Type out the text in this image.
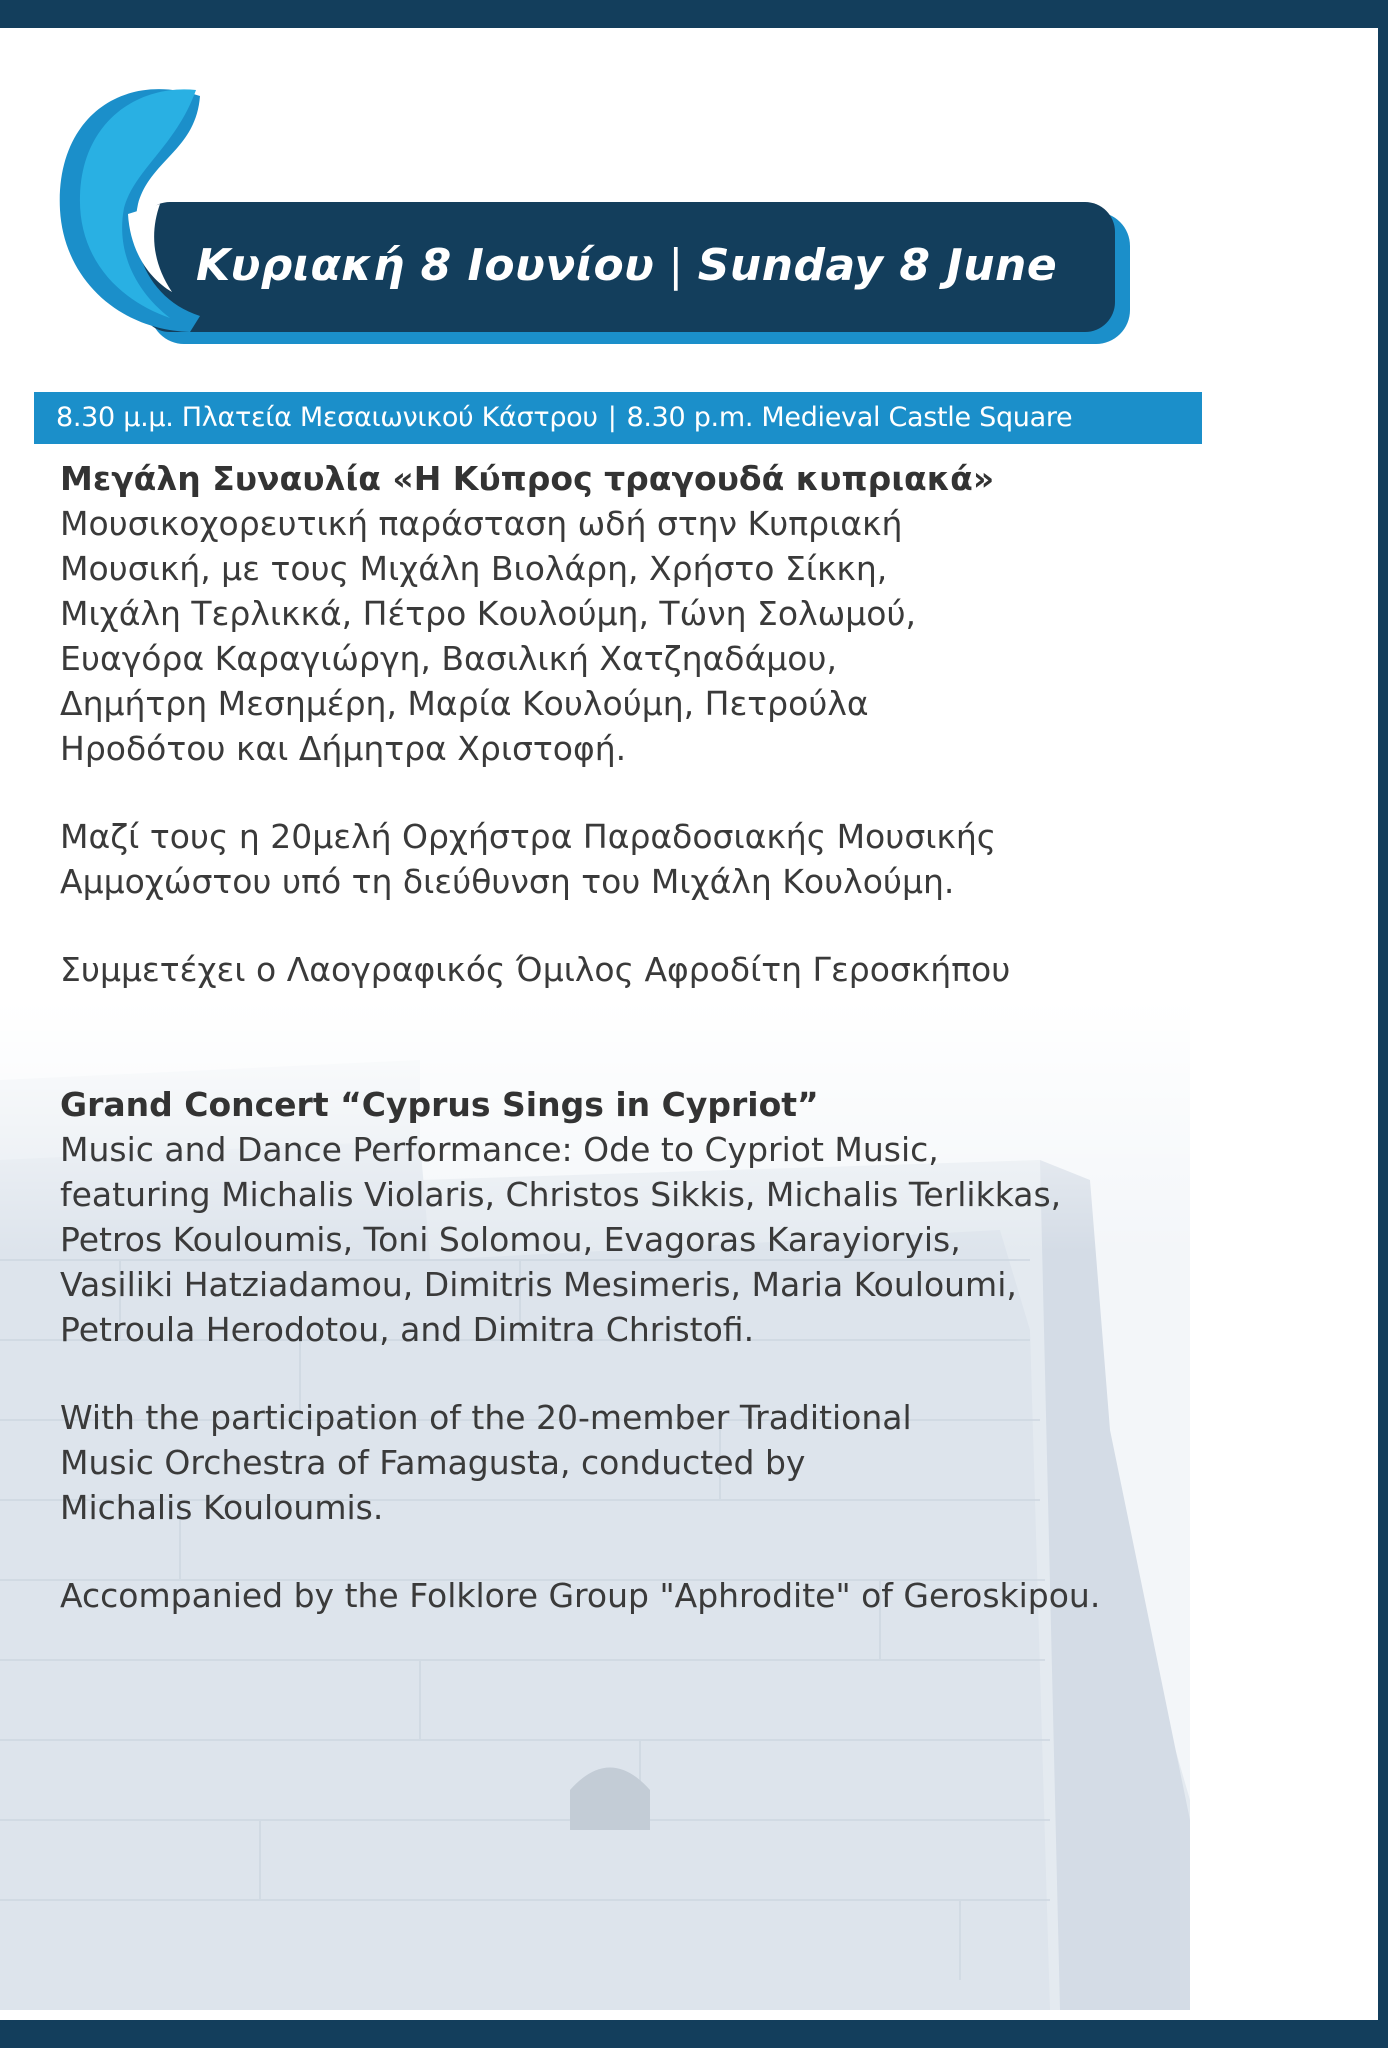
Κυριακή 8 Ιουνίου | Sunday 8 June
8.30 μ.μ. Πλατεία Μεσαιωνικού Κάστρου | 8.30 p.m. Medieval Castle Square

Μεγάλη Συναυλία «Η Κύπρος τραγουδά κυπριακά»

Μουσικοχορευτική παράσταση ωδή στην Κυπριακή
Μουσική, με τους Μιχάλη Βιολάρη, Χρήστο Σίκκη,
Μιχάλη Τερλικκά, Πέτρο Κουλούμη, Τώνη Σολωμού,
Ευαγόρα Καραγιώργη, Βασιλική Χατζηαδάμου,
Δημήτρη Μεσημέρη, Μαρία Κουλούμη, Πετρούλα
Ηροδότου και Δήμητρα Χριστοφή.

Μαζί τους η 20μελή Ορχήστρα Παραδοσιακής Μουσικής
Αμμοχώστου υπό τη διεύθυνση του Μιχάλη Κουλούμη.

Συμμετέχει ο Λαογραφικός Όμιλος Αφροδίτη Γεροσκήπου

Grand Concert “Cyprus Sings in Cypriot”

Music and Dance Performance: Ode to Cypriot Music,
featuring Michalis Violaris, Christos Sikkis, Michalis Terlikkas,
Petros Kouloumis, Toni Solomou, Evagoras Karayioryis,
Vasiliki Hatziadamou, Dimitris Mesimeris, Maria Kouloumi,
Petroula Herodotou, and Dimitra Christofi.

With the participation of the 20-member Traditional
Music Orchestra of Famagusta, conducted by
Michalis Kouloumis.

Accompanied by the Folklore Group "Aphrodite" of Geroskipou.
